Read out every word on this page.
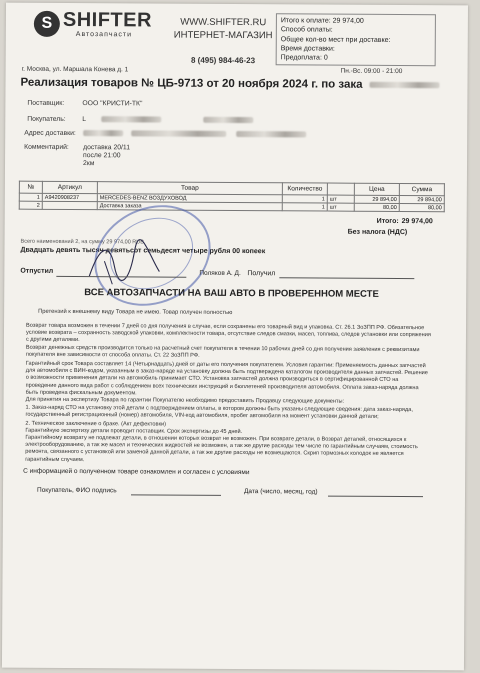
S SHIFTER
Автозапчасти
WWW.SHIFTER.RU
ИНТЕРНЕТ-МАГАЗИН
8 (495) 984-46-23
Итого к оплате: 29 974,00
Способ оплаты:
Общее кол-во мест при доставке:
Время доставки:
Предоплата: 0
г. Москва, ул. Маршала Конева д. 1	Пн.-Вс. 09:00 - 21:00
Реализация товаров № ЦБ-9713 от 20 ноября 2024 г. по зака
Поставщик:	ООО "КРИСТИ-ТК"
Покупатель: L
Адрес доставки:

Комментарий: доставка 20/11
после 21:00
2км
№	Артикул	Товар	Количество		Цена	Сумма
1	A9420908237	MERCEDES-BENZ ВОЗДУХОВОД	1	шт	29 894,00	29 894,00
2		Доставка заказа	1	шт	80,00	80,00
Итого: 29 974,00
Без налога (НДС)
Всего наименований 2, на сумму 29 974,00 RUB
Двадцать девять тысяч девятьсот семьдесят четыре рубля 00 копеек
Отпустил	Поляков А. Д. Получил
ВСЕ АВТОЗАПЧАСТИ НА ВАШ АВТО В ПРОВЕРЕННОМ МЕСТЕ
Претензий к внешнему виду Товара не имею. Товар получен полностью
Возврат товара возможен в течении 7 дней со дня получения в случае, если сохранены его товарный вид и упаковка. Ст. 26.1 ЗоЗПП РФ. Обязательное условие возврата – сохранность заводской упаковки, комплектности товара, отсутствие следов смазки, масел, топлива, следов установки или сопряжения с другими деталями.
Возврат денежных средств производится только на расчетный счет покупателя в течении 10 рабочих дней со дня получения заявления с реквизитами покупателя вне зависимости от способа оплаты. Ст. 22 ЗоЗПП РФ.
Гарантийный срок Товара составляет 14 (Четырнадцать) дней от даты его получения покупателем. Условия гарантии: Применяемость данных запчастей для автомобиля с ВИН-кодом, указанным в заказ-наряде на установку должна быть подтверждена каталогом производителя данных запчастей. Решение о возможности применения детали на автомобиль принимает СТО. Установка запчастей должна производиться в сертифицированной СТО на проведение данного вида работ с соблюдением всех технических инструкций и бюллетеней производителя автомобиля. Оплата заказ-наряда должна быть проведена фискальным документом.
Для принятия на экспертизу Товара по гарантии Покупателю необходимо предоставить Продавцу следующие документы:
1. Заказ-наряд СТО на установку этой детали с подтверждением оплаты, в котором должны быть указаны следующие сведения: дата заказ-наряда, государственный регистрационный (номер) автомобиля, VIN-код автомобиля, пробег автомобиля на момент установки данной детали;
2. Техническое заключение о браке. (Акт дефектовки)
Гарантийную экспертизу детали проводит поставщик. Срок экспертизы до 45 дней.
Гарантийному возврату не подлежат детали, в отношении которых возврат не возможен. При возврате детали, в Возврат деталей, относящихся к электрооборудованию, а так же масел и технических жидкостей не возможен, а так же другие расходы тем числе по гарантийным случаям, стоимость ремонта, связанного с установкой или заменой данной детали, а так же другие расходы не возмещаются. Скрип тормозных колодок не является гарантийным случаем.
С информацией о полученном товаре ознакомлен и согласен с условиями
Покупатель, ФИО подпись	Дата (число, месяц, год)
